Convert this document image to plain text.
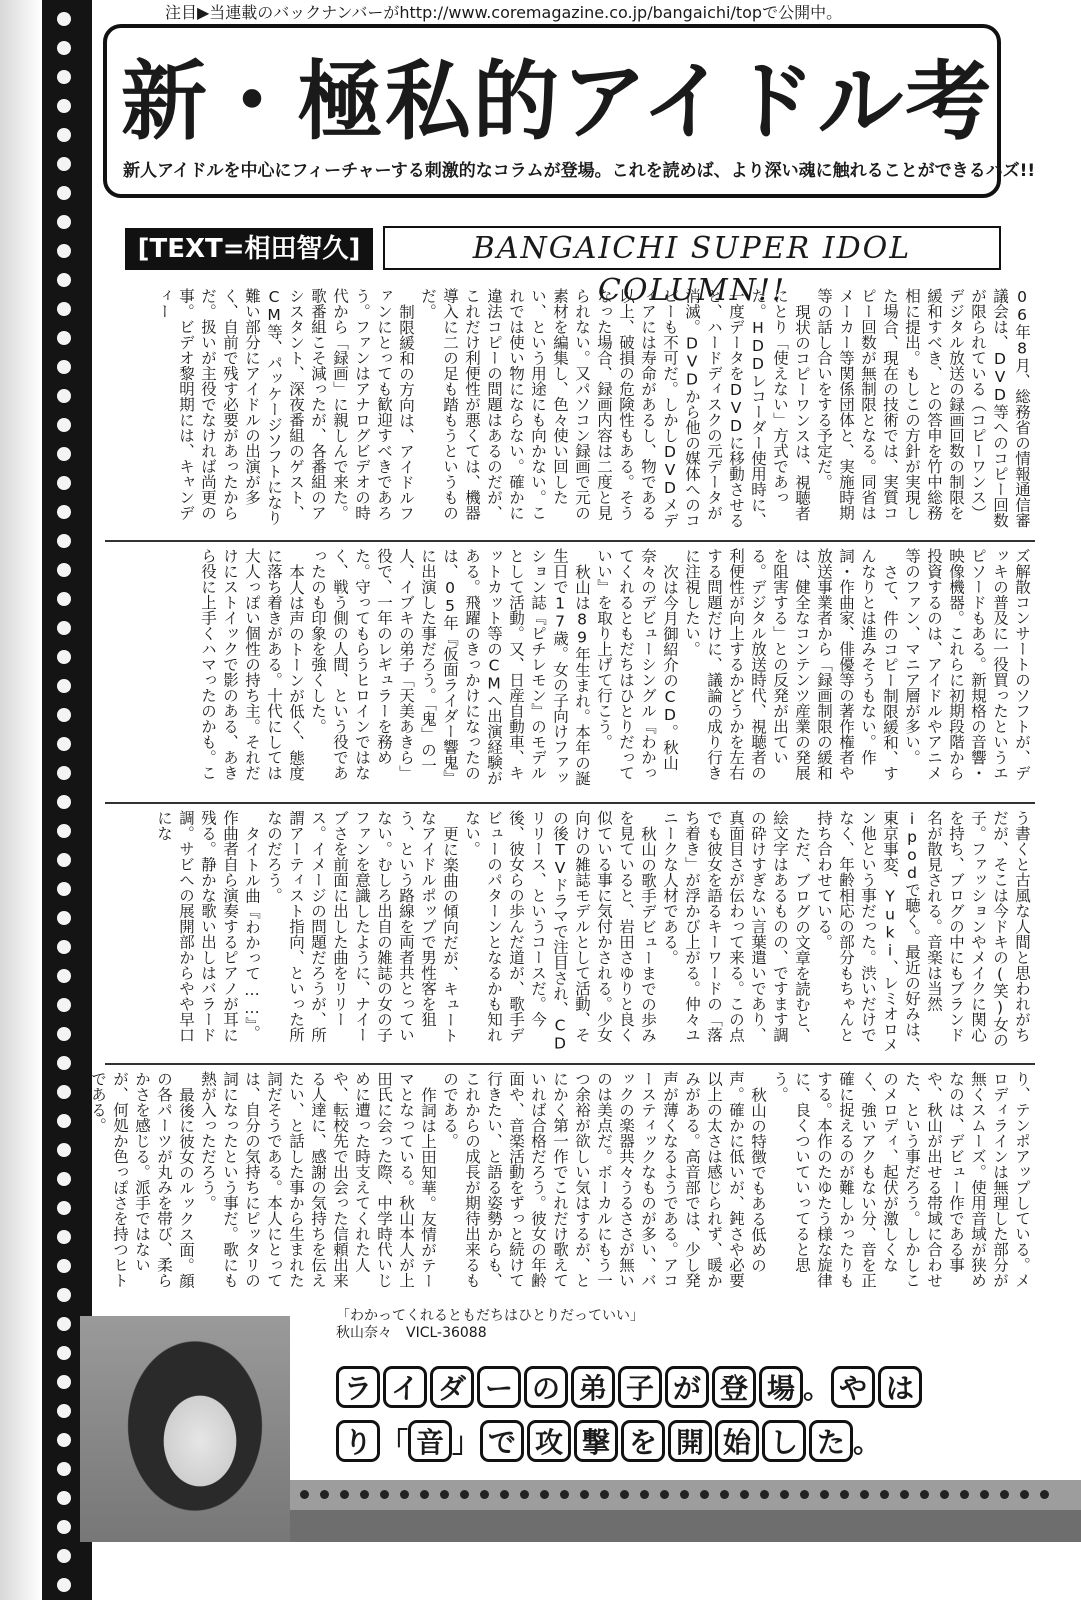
注目▶当連載のバックナンバーがhttp://www.coremagazine.co.jp/bangaichi/topで公開中。
新・極私的アイドル考
新人アイドルを中心にフィーチャーする刺激的なコラムが登場。これを読めば、より深い魂に触れることができるハズ!!
[TEXT=相田智久]	BANGAICHI SUPER IDOL COLUMN!!	06年8月、総務省の情報通信審議会は、DVD等へのコピー回数が限られている（コピーワンス）デジタル放送の録画回数の制限を緩和すべき、との答申を竹中総務相に提出。もしこの方針が実現した場合、現在の技術では、実質コピー回数が無制限となる。同省はメーカー等関係団体と、実施時期等の話し合いをする予定だ。

現状のコピーワンスは、視聴者にとり「使えない」方式であった。HDDレコーダー使用時に、一度データをDVDに移動させると、ハードディスクの元データが消滅。DVDから他の媒体へのコピーも不可だ。しかしDVDメディアには寿命があるし、物である以上、破損の危険性もある。そうなった場合、録画内容は二度と見られない。又パソコン録画で元の素材を編集し、色々使い回したい、という用途にも向かない。これでは使い物にならない。確かに違法コピーの問題はあるのだが、これだけ利便性が悪くては、機器導入に二の足も踏もうというものだ。

制限緩和の方向は、アイドルファンにとっても歓迎すべきであろう。ファンはアナログビデオの時代から「録画」に親しんで来た。歌番組こそ減ったが、各番組のアシスタント、深夜番組のゲスト、CM等、パッケージソフトになり難い部分にアイドルの出演が多く、自前で残す必要があったからだ。扱いが主役でなければ尚更の事。ビデオ黎明期には、キャンディー

ズ解散コンサートのソフトが、デッキの普及に一役買ったというエピソードもある。新規格の音響・映像機器。これらに初期段階から投資するのは、アイドルやアニメ等のファン、マニア層が多い。

さて、件のコピー制限緩和、すんなりとは進みそうもない。作詞・作曲家、俳優等の著作権者や放送事業者から「録画制限の緩和は、健全なコンテンツ産業の発展を阻害する」との反発が出ている。デジタル放送時代、視聴者の利便性が向上するかどうかを左右する問題だけに、議論の成り行きに注視したい。

次は今月御紹介のCD。秋山奈々のデビューシングル『わかってくれるともだちはひとりだっていい』を取り上げて行こう。

秋山は89年生まれ。本年の誕生日で17歳。女の子向けファッション誌『ピチレモン』のモデルとして活動。又、日産自動車、キットカット等のCMへ出演経験がある。飛躍のきっかけになったのは、05年『仮面ライダー響鬼』に出演した事だろう。「鬼」の一人、イブキの弟子「天美あきら」役で、一年のレギュラーを務めた。守ってもらうヒロインではなく、戦う側の人間、という役であったのも印象を強くした。

本人は声のトーンが低く、態度に落ち着きがある。十代にしては大人っぽい個性の持ち主。それだけにストイックで影のある、あきら役に上手くハマったのかも。こ

う書くと古風な人間と思われがちだが、そこは今ドキの(笑)女の子。ファッションやメイクに関心を持ち、ブログの中にもブランド名が散見される。音楽は当然ipodで聴く。最近の好みは、東京事変、Yuki、レミオロメン他という事だった。渋いだけでなく、年齢相応の部分もちゃんと持ち合わせている。

ただ、ブログの文章を読むと、絵文字はあるものの、ですます調の砕けすぎない言葉遣いであり、真面目さが伝わって来る。この点でも彼女を語るキーワードの「落ち着き」が浮かび上がる。仲々ユニークな人材である。

秋山の歌手デビューまでの歩みを見ていると、岩田さゆりと良く似ている事に気付かされる。少女向けの雑誌モデルとして活動、その後TVドラマで注目され、CDリリース、というコースだ。今後、彼女らの歩んだ道が、歌手デビューのパターンとなるかも知れない。

更に楽曲の傾向だが、キュートなアイドルポップで男性客を狙う、という路線を両者共とっていない。むしろ出自の雑誌の女の子ファンを意識したように、ナイーブさを前面に出した曲をリリース。イメージの問題だろうが、所謂アーティスト指向、といった所なのだろう。

タイトル曲『わかって……』。作曲者自ら演奏するピアノが耳に残る。静かな歌い出しはバラード調。サビへの展開部からやや早口にな

り、テンポアップしている。メロディラインは無理した部分が無くスムーズ。使用音域が狭めなのは、デビュー作である事や、秋山が出せる帯域に合わせた、という事だろう。しかしこのメロディ、起伏が激しくなく、強いアクもない分、音を正確に捉えるのが難しかったりもする。本作のたゆたう様な旋律に、良くついていってると思う。

秋山の特徴でもある低めの声。確かに低いが、鈍さや必要以上の太さは感じられず、暖かみがある。高音部では、少し発声が薄くなるようである。アコースティックなものが多い、バックの楽器共々うるささが無いのは美点だ。ボーカルにもう一つ余裕が欲しい気はするが、とにかく第一作でこれだけ歌えていれば合格だろう。彼女の年齢面や、音楽活動をずっと続けて行きたい、と語る姿勢からも、これからの成長が期待出来るものである。

作詞は上田知華。友情がテーマとなっている。秋山本人が上田氏に会った際、中学時代いじめに遭った時支えてくれた人や、転校先で出会った信頼出来る人達に、感謝の気持ちを伝えたい、と話した事から生まれた詞だそうである。本人にとっては、自分の気持ちにピッタリの詞になったという事だ。歌にも熱が入っただろう。

最後に彼女のルックス面。顔の各パーツが丸みを帯び、柔らかさを感じる。派手ではないが、何処か色っぽさを持つヒトである。

「わかってくれるともだちはひとりだっていい」
秋山奈々　VICL-36088
ラ イ ダ ー の 弟 子 が 登 場 。 や は
り 「 音 」 で 攻 撃 を 開 始 し た 。
